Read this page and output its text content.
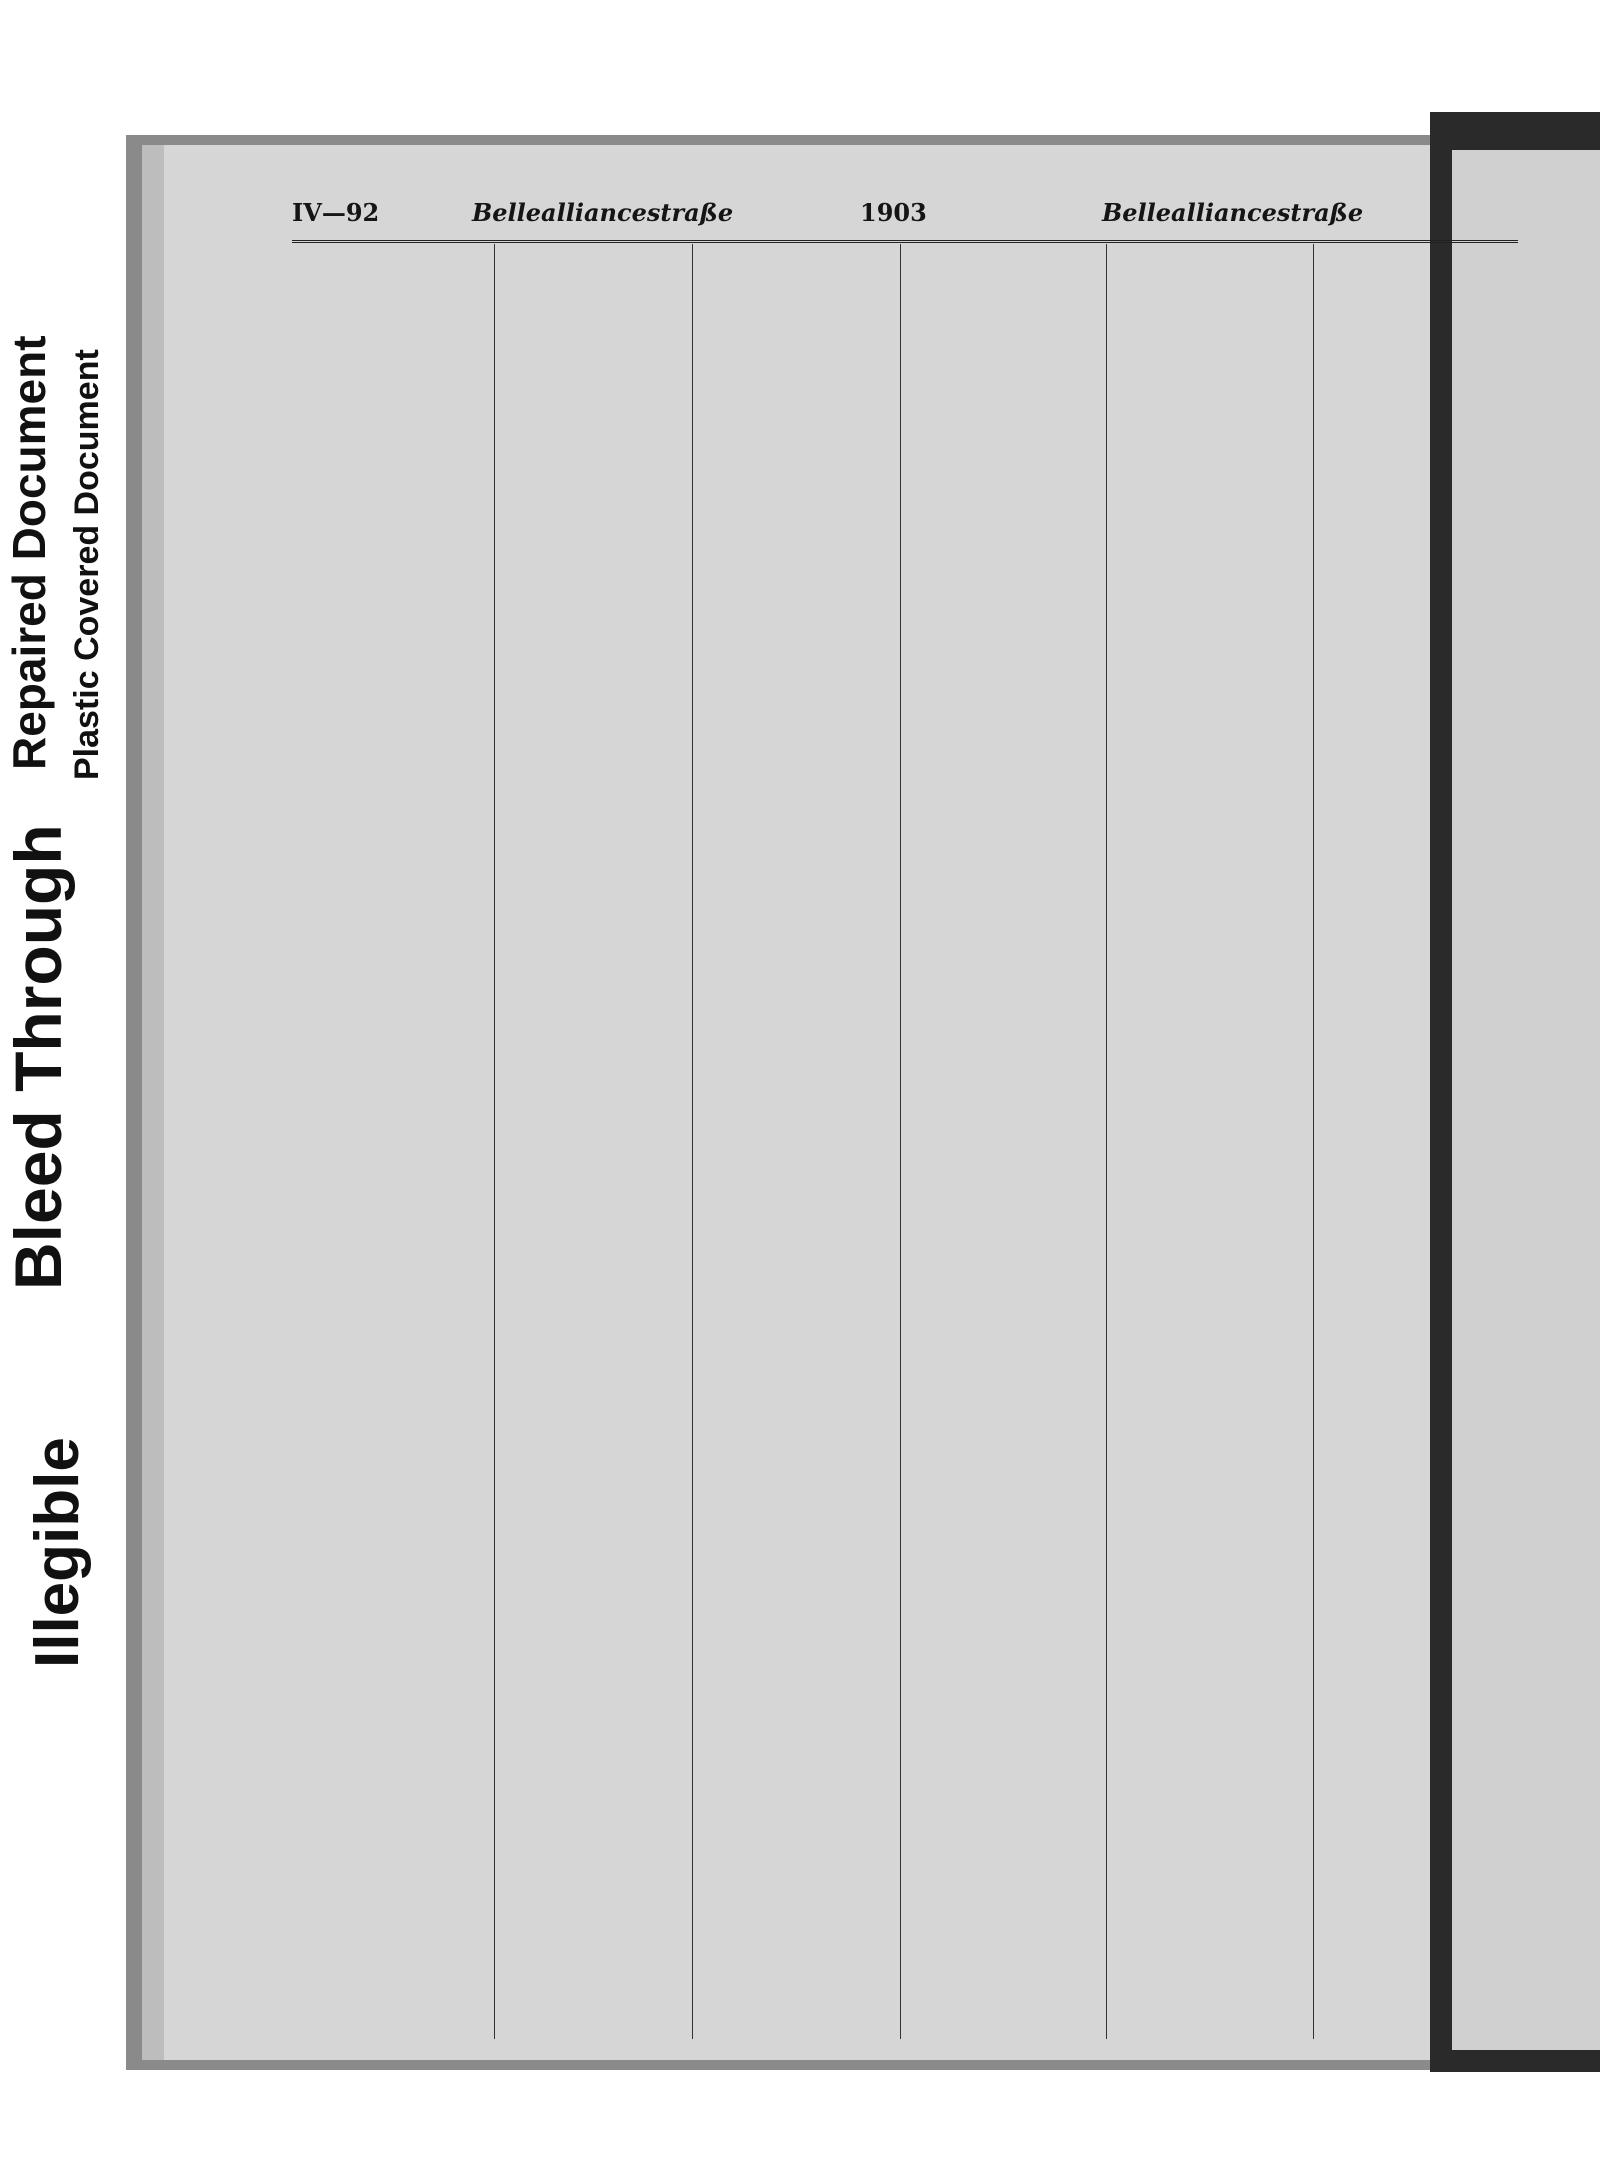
IV—92	Bellealliancestraße	1903	Bellealliancestraße
Repaired Document Plastic Covered Document
Bleed Through
Illegible
